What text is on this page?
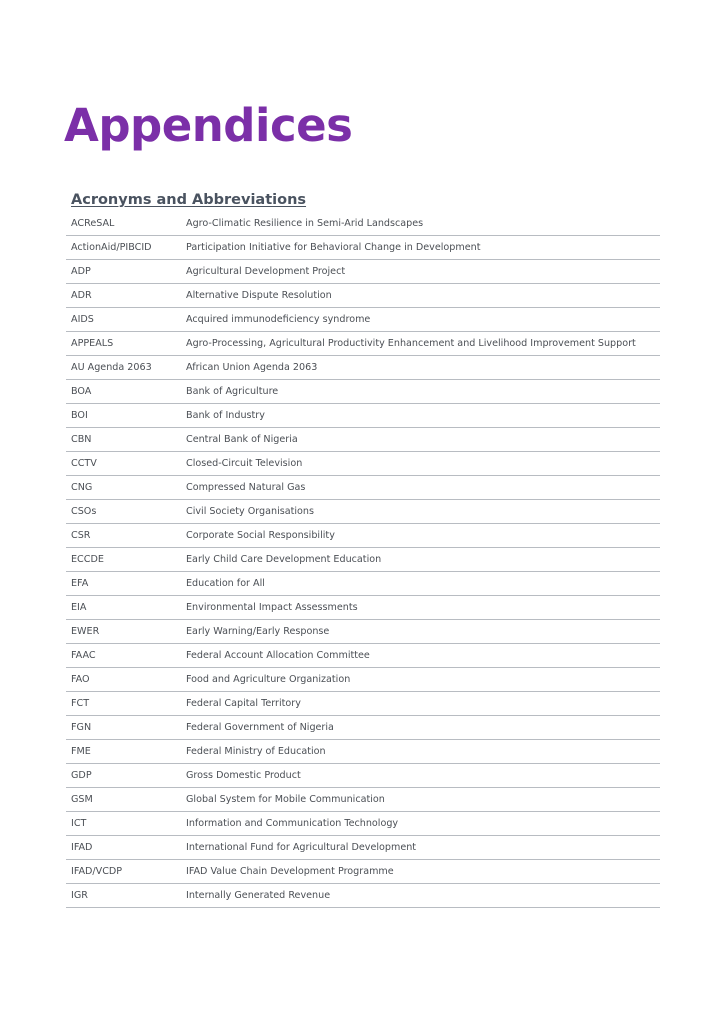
Appendices
Acronyms and Abbreviations
ACReSAL	Agro-Climatic Resilience in Semi-Arid Landscapes
ActionAid/PIBCID	Participation Initiative for Behavioral Change in Development
ADP	Agricultural Development Project
ADR	Alternative Dispute Resolution
AIDS	Acquired immunodeficiency syndrome
APPEALS	Agro-Processing, Agricultural Productivity Enhancement and Livelihood Improvement Support
AU Agenda 2063	African Union Agenda 2063
BOA	Bank of Agriculture
BOI	Bank of Industry
CBN	Central Bank of Nigeria
CCTV	Closed-Circuit Television
CNG	Compressed Natural Gas
CSOs	Civil Society Organisations
CSR	Corporate Social Responsibility
ECCDE	Early Child Care Development Education
EFA	Education for All
EIA	Environmental Impact Assessments
EWER	Early Warning/Early Response
FAAC	Federal Account Allocation Committee
FAO	Food and Agriculture Organization
FCT	Federal Capital Territory
FGN	Federal Government of Nigeria
FME	Federal Ministry of Education
GDP	Gross Domestic Product
GSM	Global System for Mobile Communication
ICT	Information and Communication Technology
IFAD	International Fund for Agricultural Development
IFAD/VCDP	IFAD Value Chain Development Programme
IGR	Internally Generated Revenue
